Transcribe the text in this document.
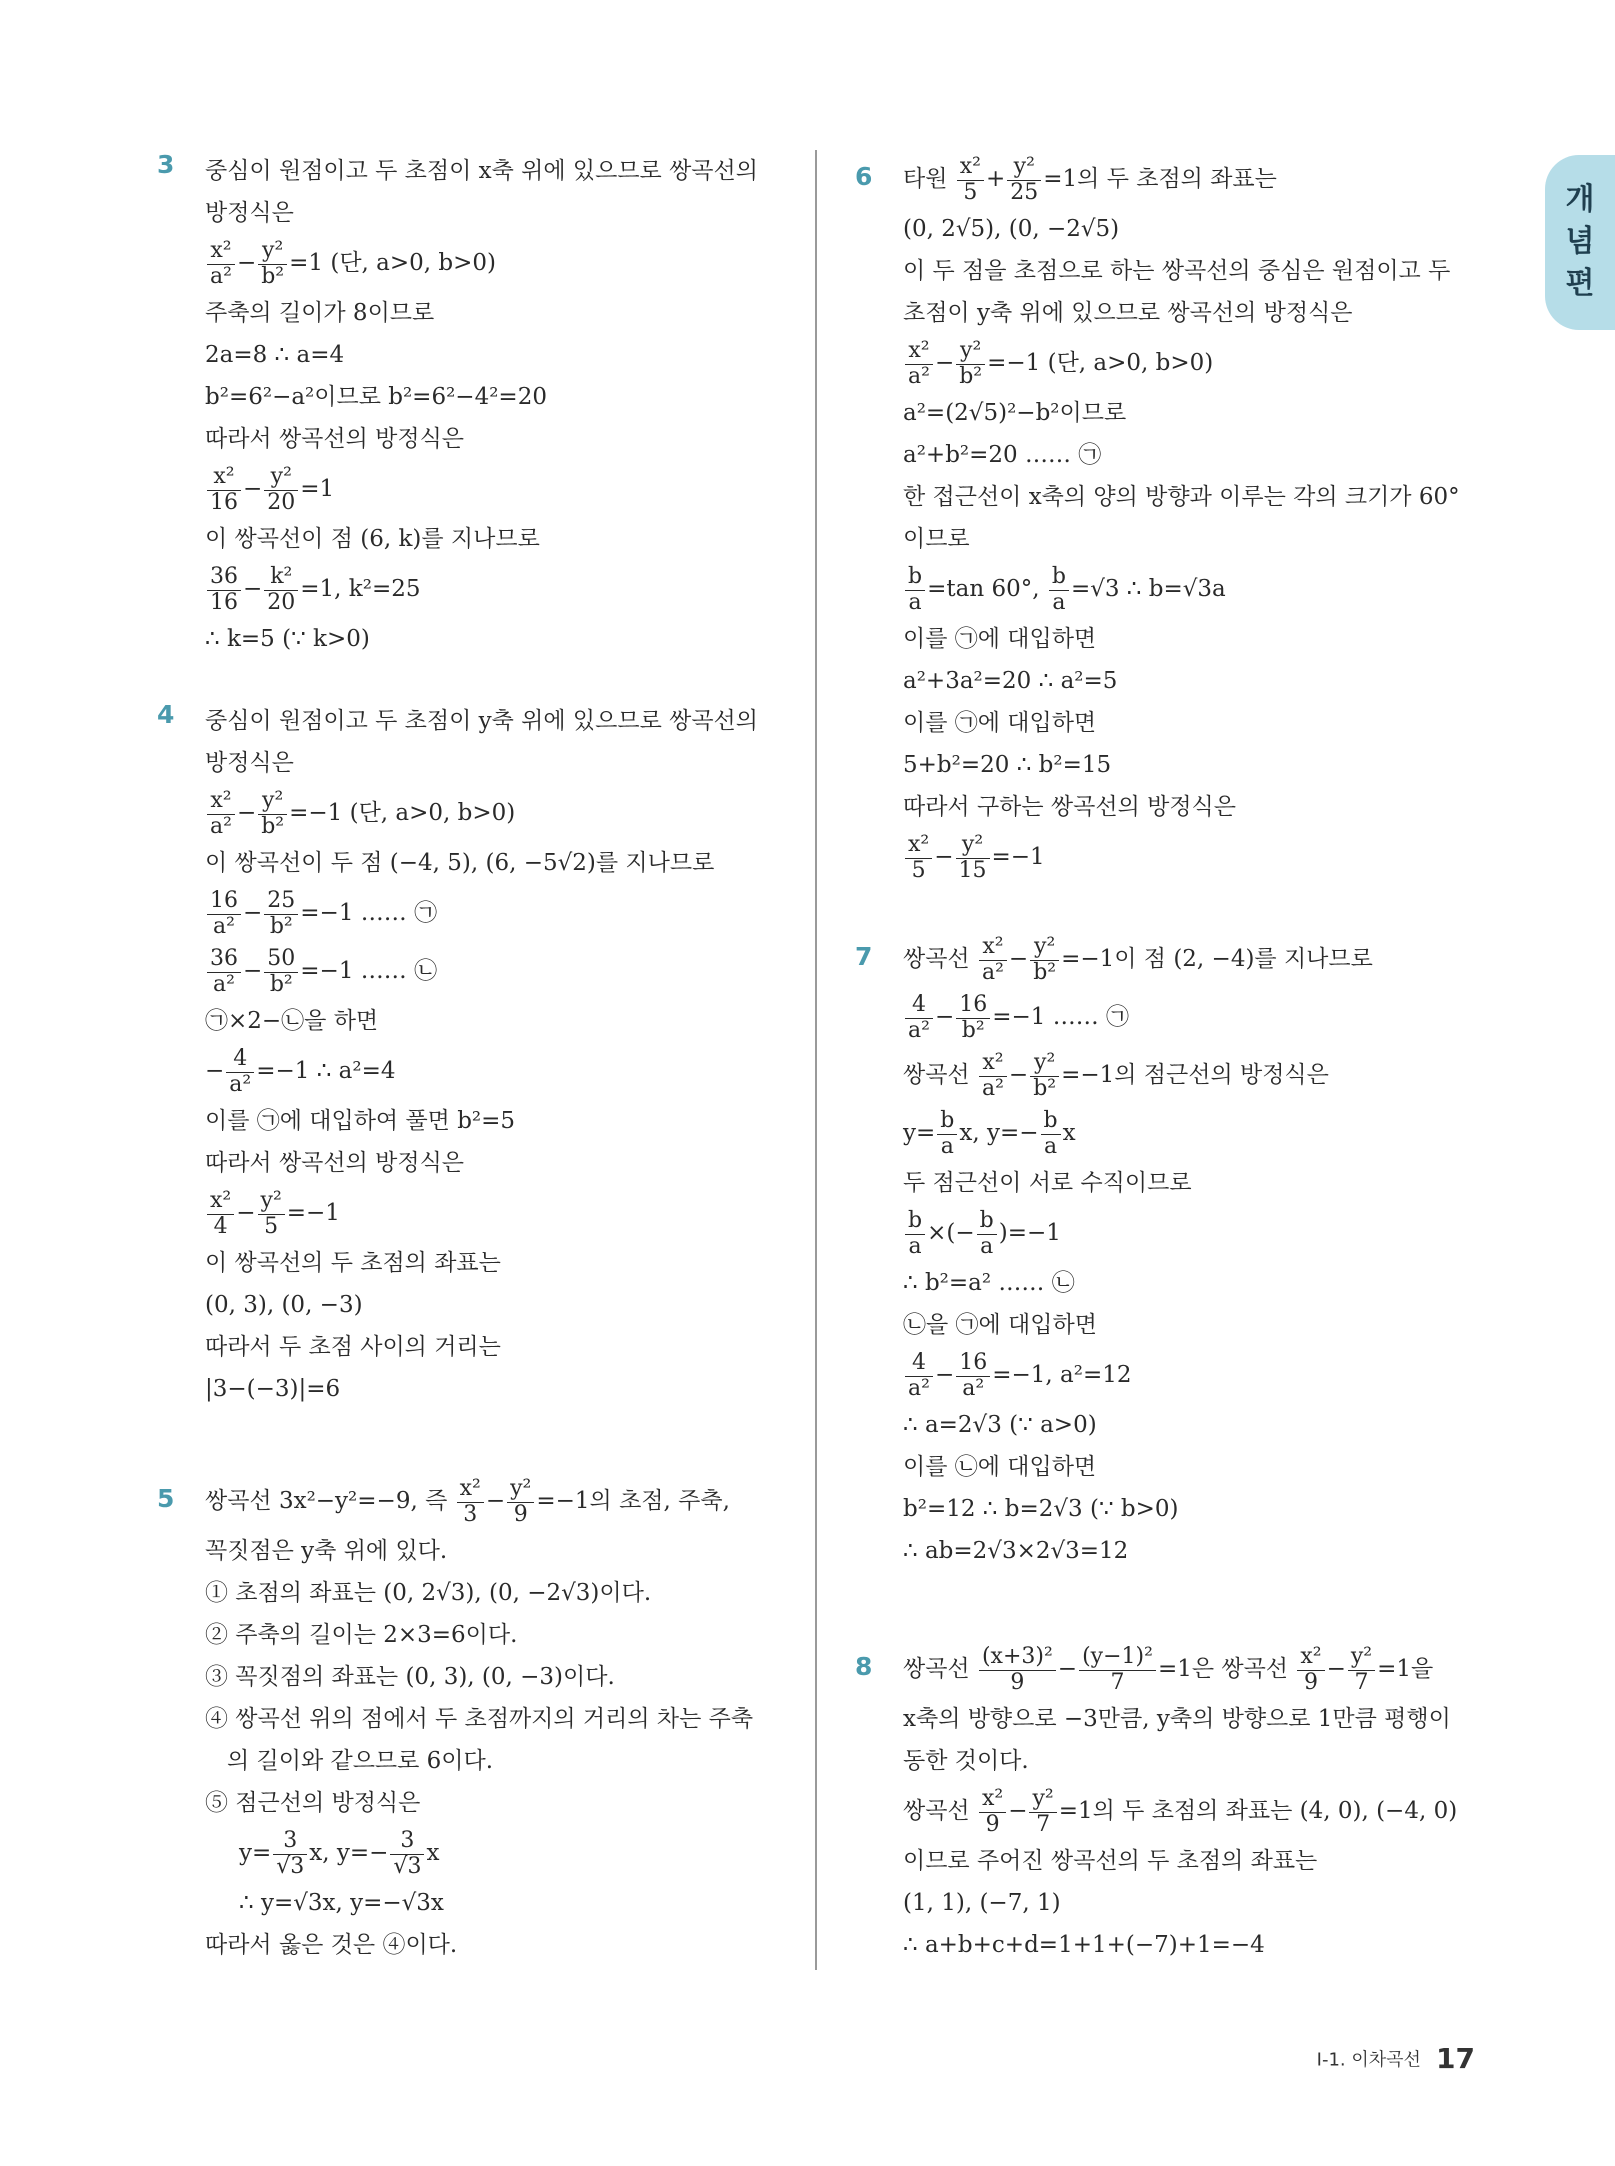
개념편
3 중심이 원점이고 두 초점이 x축 위에 있으므로 쌍곡선의
방정식은
$\frac{\text{x²}}{\text{a²}} - \frac{\text{y²}}{\text{b²}} =1$ (단, a>0, b>0)
주축의 길이가 8이므로
2a=8 ∴ a=4
b²=6²−a²이므로 b²=6²−4²=20
따라서 쌍곡선의 방정식은
$\frac{\text{x²}}{16} - \frac{\text{y²}}{20} =1$
이 쌍곡선이 점 (6, k)를 지나므로
$\frac{36}{16} - \frac{\text{k²}}{20} =1$, k²=25
∴ k=5 (∵ k>0)
4 중심이 원점이고 두 초점이 y축 위에 있으므로 쌍곡선의
방정식은
$\frac{\text{x²}}{\text{a²}} - \frac{\text{y²}}{\text{b²}} =-1$ (단, a>0, b>0)
이 쌍곡선이 두 점 (−4, 5), (6, −5√2)를 지나므로
$\frac{16}{\text{a²}} - \frac{25}{\text{b²}} =-1$ …… ㉠
$\frac{36}{\text{a²}} - \frac{50}{\text{b²}} =-1$ …… ㉡
㉠×2−㉡을 하면
− $\frac{4}{\text{a²}} =-1$ ∴ a²=4
이를 ㉠에 대입하여 풀면 b²=5
따라서 쌍곡선의 방정식은
$\frac{\text{x²}}{4} - \frac{\text{y²}}{5} =-1$
이 쌍곡선의 두 초점의 좌표는
(0, 3), (0, −3)
따라서 두 초점 사이의 거리는
|3−(−3)|=6
5 쌍곡선 3x²−y²=−9, 즉 $\frac{\text{x²}}{3} - \frac{\text{y²}}{9} =-1$의 초점, 주축,
꼭짓점은 y축 위에 있다.
① 초점의 좌표는 (0, 2√3), (0, −2√3)이다.
② 주축의 길이는 2×3=6이다.
③ 꼭짓점의 좌표는 (0, 3), (0, −3)이다.
④ 쌍곡선 위의 점에서 두 초점까지의 거리의 차는 주축
의 길이와 같으므로 6이다.
⑤ 점근선의 방정식은
$y= \frac{3}{√3} x$, $y=- \frac{3}{√3}$ x
∴ y=√3x, y=−√3x
따라서 옳은 것은 ④이다.
6 타원 $\frac{\text{x²}}{5} + \frac{\text{y²}}{25} =1$의 두 초점의 좌표는
(0, 2√5), (0, −2√5)
이 두 점을 초점으로 하는 쌍곡선의 중심은 원점이고 두
초점이 y축 위에 있으므로 쌍곡선의 방정식은
$\frac{\text{x²}}{\text{a²}} - \frac{\text{y²}}{\text{b²}} =-1$ (단, a>0, b>0)
a²=(2√5)²−b²이므로
a²+b²=20 …… ㉠
한 접근선이 x축의 양의 방향과 이루는 각의 크기가 60°
이므로
$\frac{b}{a} =\tan$ 60°, $\frac{b}{a} =√3$ ∴ b=√3a
이를 ㉠에 대입하면
a²+3a²=20 ∴ a²=5
이를 ㉠에 대입하면
5+b²=20 ∴ b²=15
따라서 구하는 쌍곡선의 방정식은
$\frac{\text{x²}}{5} - \frac{\text{y²}}{15} =-1$
7 쌍곡선 $\frac{\text{x²}}{\text{a²}} - \frac{\text{y²}}{\text{b²}} =-1$이 점 (2, −4)를 지나므로
$\frac{4}{\text{a²}} - \frac{16}{\text{b²}} =-1$ …… ㉠
쌍곡선 $\frac{\text{x²}}{\text{a²}} - \frac{\text{y²}}{\text{b²}} =-1$의 점근선의 방정식은
$y= \frac{b}{a} x$, $y=- \frac{b}{a}$ x
두 점근선이 서로 수직이므로
$\frac{b}{a}$ ×(− $\frac{b}{a} )=-1$
∴ b²=a² …… ㉡
㉡을 ㉠에 대입하면
$\frac{4}{\text{a²}} - \frac{16}{\text{a²}} =-1$, a²=12
∴ a=2√3 (∵ a>0)
이를 ㉡에 대입하면
b²=12 ∴ b=2√3 (∵ b>0)
∴ ab=2√3×2√3=12
8 쌍곡선 $\frac{\text{(x+3)²}}{9} - \frac{\text{(y−1)²}}{7} =1$은 쌍곡선 $\frac{\text{x²}}{9} - \frac{\text{y²}}{7} =1$을
x축의 방향으로 −3만큼, y축의 방향으로 1만큼 평행이
동한 것이다.
쌍곡선 $\frac{\text{x²}}{9} - \frac{\text{y²}}{7} =1$의 두 초점의 좌표는 (4, 0), (−4, 0)
이므로 주어진 쌍곡선의 두 초점의 좌표는
(1, 1), (−7, 1)
∴ a+b+c+d=1+1+(−7)+1=−4
Ⅰ-1. 이차곡선 17
